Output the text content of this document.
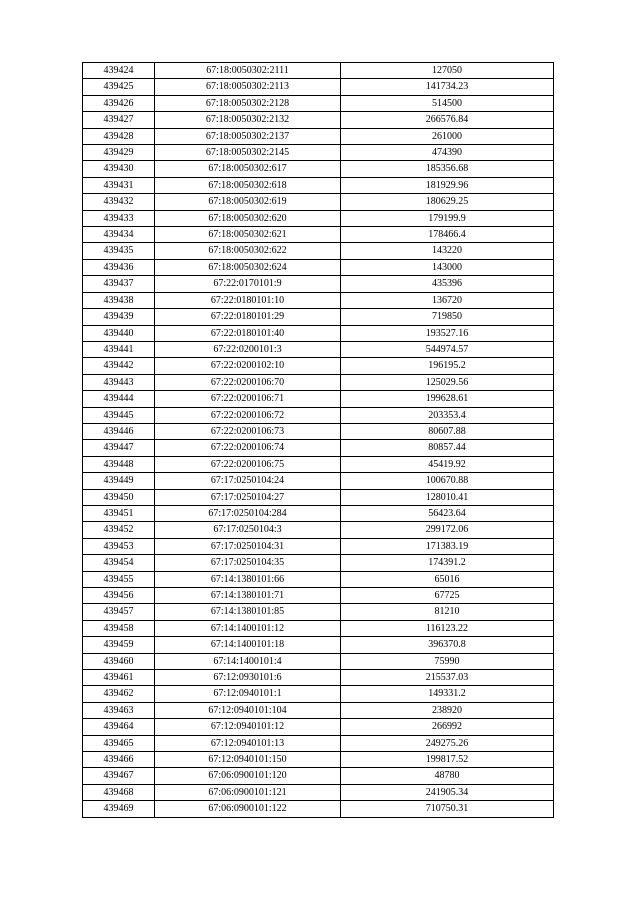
439424	67:18:0050302:2111	127050
439425	67:18:0050302:2113	141734.23
439426	67:18:0050302:2128	514500
439427	67:18:0050302:2132	266576.84
439428	67:18:0050302:2137	261000
439429	67:18:0050302:2145	474390
439430	67:18:0050302:617	185356.68
439431	67:18:0050302:618	181929.96
439432	67:18:0050302:619	180629.25
439433	67:18:0050302:620	179199.9
439434	67:18:0050302:621	178466.4
439435	67:18:0050302:622	143220
439436	67:18:0050302:624	143000
439437	67:22:0170101:9	435396
439438	67:22:0180101:10	136720
439439	67:22:0180101:29	719850
439440	67:22:0180101:40	193527.16
439441	67:22:0200101:3	544974.57
439442	67:22:0200102:10	196195.2
439443	67:22:0200106:70	125029.56
439444	67:22:0200106:71	199628.61
439445	67:22:0200106:72	203353.4
439446	67:22:0200106:73	80607.88
439447	67:22:0200106:74	80857.44
439448	67:22:0200106:75	45419.92
439449	67:17:0250104:24	100670.88
439450	67:17:0250104:27	128010.41
439451	67:17:0250104:284	56423.64
439452	67:17:0250104:3	299172.06
439453	67:17:0250104:31	171383.19
439454	67:17:0250104:35	174391.2
439455	67:14:1380101:66	65016
439456	67:14:1380101:71	67725
439457	67:14:1380101:85	81210
439458	67:14:1400101:12	116123.22
439459	67:14:1400101:18	396370.8
439460	67:14:1400101:4	75990
439461	67:12:0930101:6	215537.03
439462	67:12:0940101:1	149331.2
439463	67:12:0940101:104	238920
439464	67:12:0940101:12	266992
439465	67:12:0940101:13	249275.26
439466	67:12:0940101:150	199817.52
439467	67:06:0900101:120	48780
439468	67:06:0900101:121	241905.34
439469	67:06:0900101:122	710750.31
